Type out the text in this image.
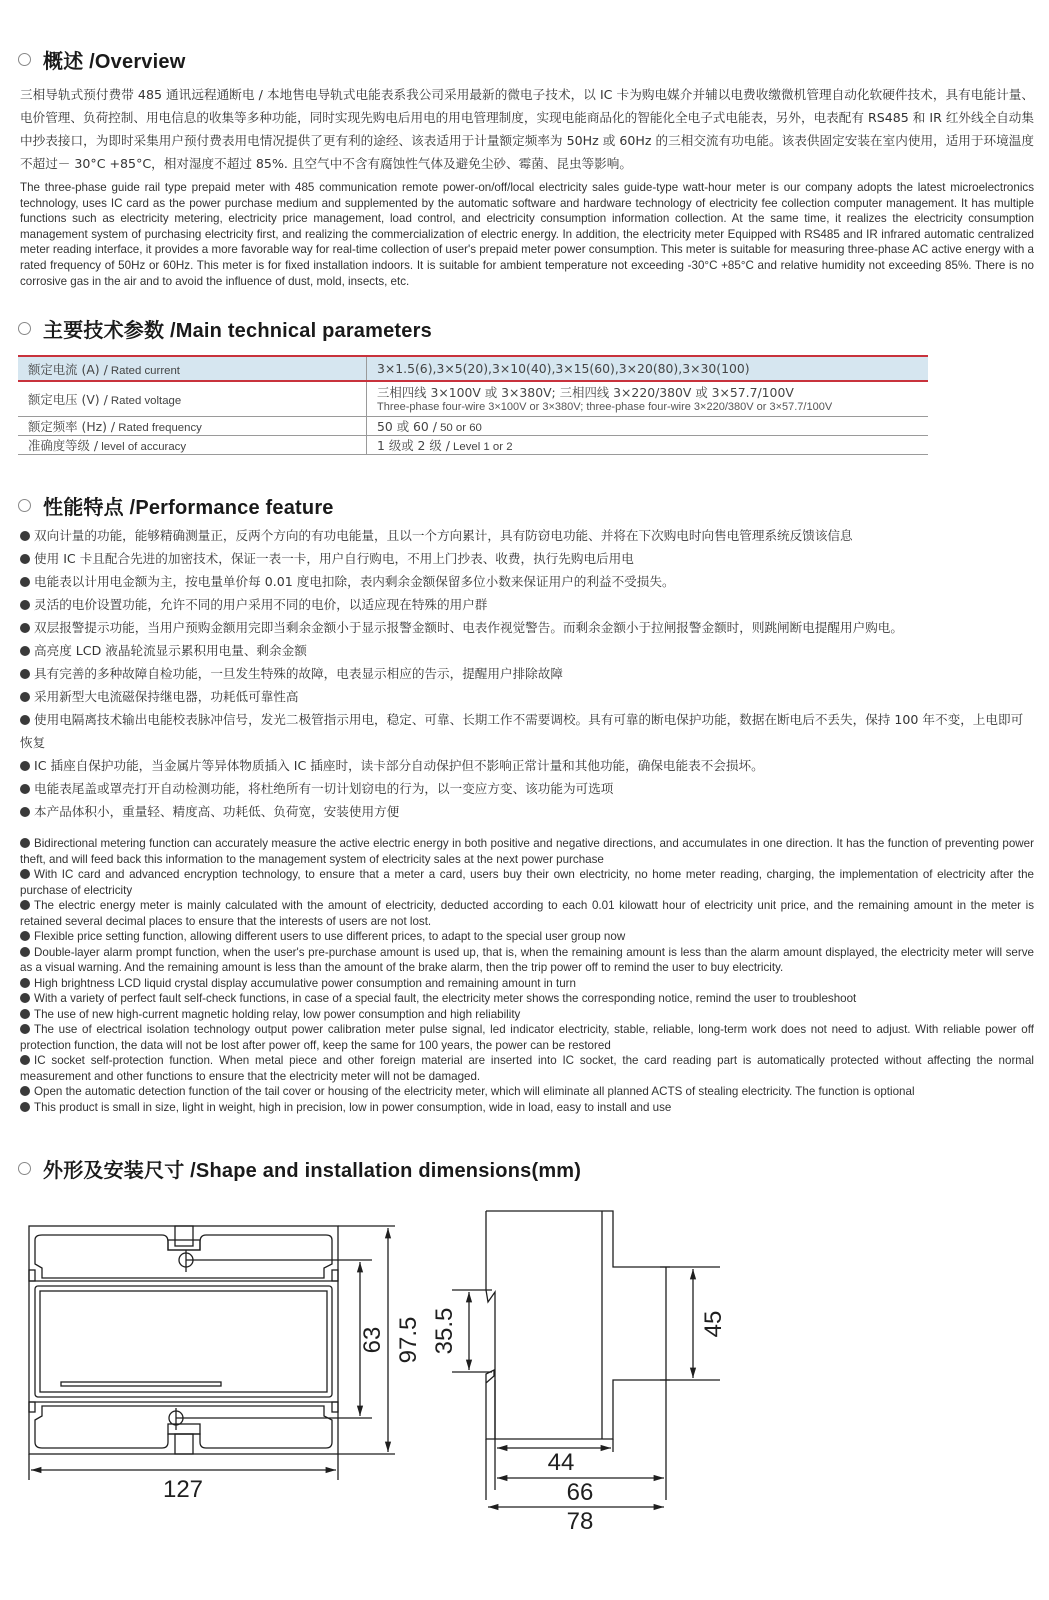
概述 /Overview
三相导轨式预付费带 485 通讯远程通断电 / 本地售电导轨式电能表系我公司采用最新的微电子技术，以 IC 卡为购电媒介并辅以电费收缴微机管理自动化软硬件技术，具有电能计量、电价管理、负荷控制、用电信息的收集等多种功能，同时实现先购电后用电的用电管理制度，实现电能商品化的智能化全电子式电能表，另外，电表配有 RS485 和 IR 红外线全自动集中抄表接口，为即时采集用户预付费表用电情况提供了更有利的途经、该表适用于计量额定频率为 50Hz 或 60Hz 的三相交流有功电能。该表供固定安装在室内使用，适用于环境温度不超过－ 30°C +85°C，相对湿度不超过 85%. 且空气中不含有腐蚀性气体及避免尘砂、霉菌、昆虫等影响。
The three-phase guide rail type prepaid meter with 485 communication remote power-on/off/local electricity sales guide-type watt-hour meter is our company adopts the latest microelectronics technology, uses IC card as the power purchase medium and supplemented by the automatic software and hardware technology of electricity fee collection computer management. It has multiple functions such as electricity metering, electricity price management, load control, and electricity consumption information collection. At the same time, it realizes the electricity consumption management system of purchasing electricity first, and realizing the commercialization of electric energy. In addition, the electricity meter Equipped with RS485 and IR infrared automatic centralized meter reading interface, it provides a more favorable way for real-time collection of user's prepaid meter power consumption. This meter is suitable for measuring three-phase AC active energy with a rated frequency of 50Hz or 60Hz. This meter is for fixed installation indoors. It is suitable for ambient temperature not exceeding -30°C +85°C and relative humidity not exceeding 85%. There is no corrosive gas in the air and to avoid the influence of dust, mold, insects, etc.
主要技术参数 /Main technical parameters
额定电流 (A) / Rated current	3×1.5(6),3×5(20),3×10(40),3×15(60),3×20(80),3×30(100)
额定电压 (V) / Rated voltage	三相四线 3×100V 或 3×380V; 三相四线 3×220/380V 或 3×57.7/100V
Three-phase four-wire 3×100V or 3×380V; three-phase four-wire 3×220/380V or 3×57.7/100V

额定频率 (Hz) / Rated frequency	50 或 60 / 50 or 60
准确度等级 / level of accuracy	1 级或 2 级 / Level 1 or 2
性能特点 /Performance feature
双向计量的功能，能够精确测量正，反两个方向的有功电能量，且以一个方向累计，具有防窃电功能、并将在下次购电时向售电管理系统反馈该信息
使用 IC 卡且配合先进的加密技术，保证一表一卡，用户自行购电，不用上门抄表、收费，执行先购电后用电
电能表以计用电金额为主，按电量单价每 0.01 度电扣除，表内剩余金额保留多位小数来保证用户的利益不受损失。
灵活的电价设置功能，允许不同的用户采用不同的电价，以适应现在特殊的用户群
双层报警提示功能，当用户预购金额用完即当剩余金额小于显示报警金额时、电表作视觉警告。而剩余金额小于拉闸报警金额时，则跳闸断电提醒用户购电。
高亮度 LCD 液晶轮流显示累积用电量、剩余金额
具有完善的多种故障自检功能，一旦发生特殊的故障，电表显示相应的告示，提醒用户排除故障
采用新型大电流磁保持继电器，功耗低可靠性高
使用电隔离技术输出电能校表脉冲信号，发光二极管指示用电，稳定、可靠、长期工作不需要调校。具有可靠的断电保护功能，数据在断电后不丢失，保持 100 年不变，上电即可恢复
IC 插座自保护功能，当金属片等异体物质插入 IC 插座时，读卡部分自动保护但不影响正常计量和其他功能，确保电能表不会损坏。
电能表尾盖或罩壳打开自动检测功能，将杜绝所有一切计划窃电的行为，以一变应方变、该功能为可选项
本产品体积小，重量轻、精度高、功耗低、负荷宽，安装使用方便
Bidirectional metering function can accurately measure the active electric energy in both positive and negative directions, and accumulates in one direction. It has the function of preventing power theft, and will feed back this information to the management system of electricity sales at the next power purchase
With IC card and advanced encryption technology, to ensure that a meter a card, users buy their own electricity, no home meter reading, charging, the implementation of electricity after the purchase of electricity
The electric energy meter is mainly calculated with the amount of electricity, deducted according to each 0.01 kilowatt hour of electricity unit price, and the remaining amount in the meter is retained several decimal places to ensure that the interests of users are not lost.
Flexible price setting function, allowing different users to use different prices, to adapt to the special user group now
Double-layer alarm prompt function, when the user's pre-purchase amount is used up, that is, when the remaining amount is less than the alarm amount displayed, the electricity meter will serve as a visual warning. And the remaining amount is less than the amount of the brake alarm, then the trip power off to remind the user to buy electricity.
High brightness LCD liquid crystal display accumulative power consumption and remaining amount in turn
With a variety of perfect fault self-check functions, in case of a special fault, the electricity meter shows the corresponding notice, remind the user to troubleshoot
The use of new high-current magnetic holding relay, low power consumption and high reliability
The use of electrical isolation technology output power calibration meter pulse signal, led indicator electricity, stable, reliable, long-term work does not need to adjust. With reliable power off protection function, the data will not be lost after power off, keep the same for 100 years, the power can be restored
IC socket self-protection function. When metal piece and other foreign material are inserted into IC socket, the card reading part is automatically protected without affecting the normal measurement and other functions to ensure that the electricity meter will not be damaged.
Open the automatic detection function of the tail cover or housing of the electricity meter, which will eliminate all planned ACTS of stealing electricity. The function is optional
This product is small in size, light in weight, high in precision, low in power consumption, wide in load, easy to install and use
外形及安装尺寸 /Shape and installation dimensions(mm)
127
63 97.5 35.5	45
44
66
78
